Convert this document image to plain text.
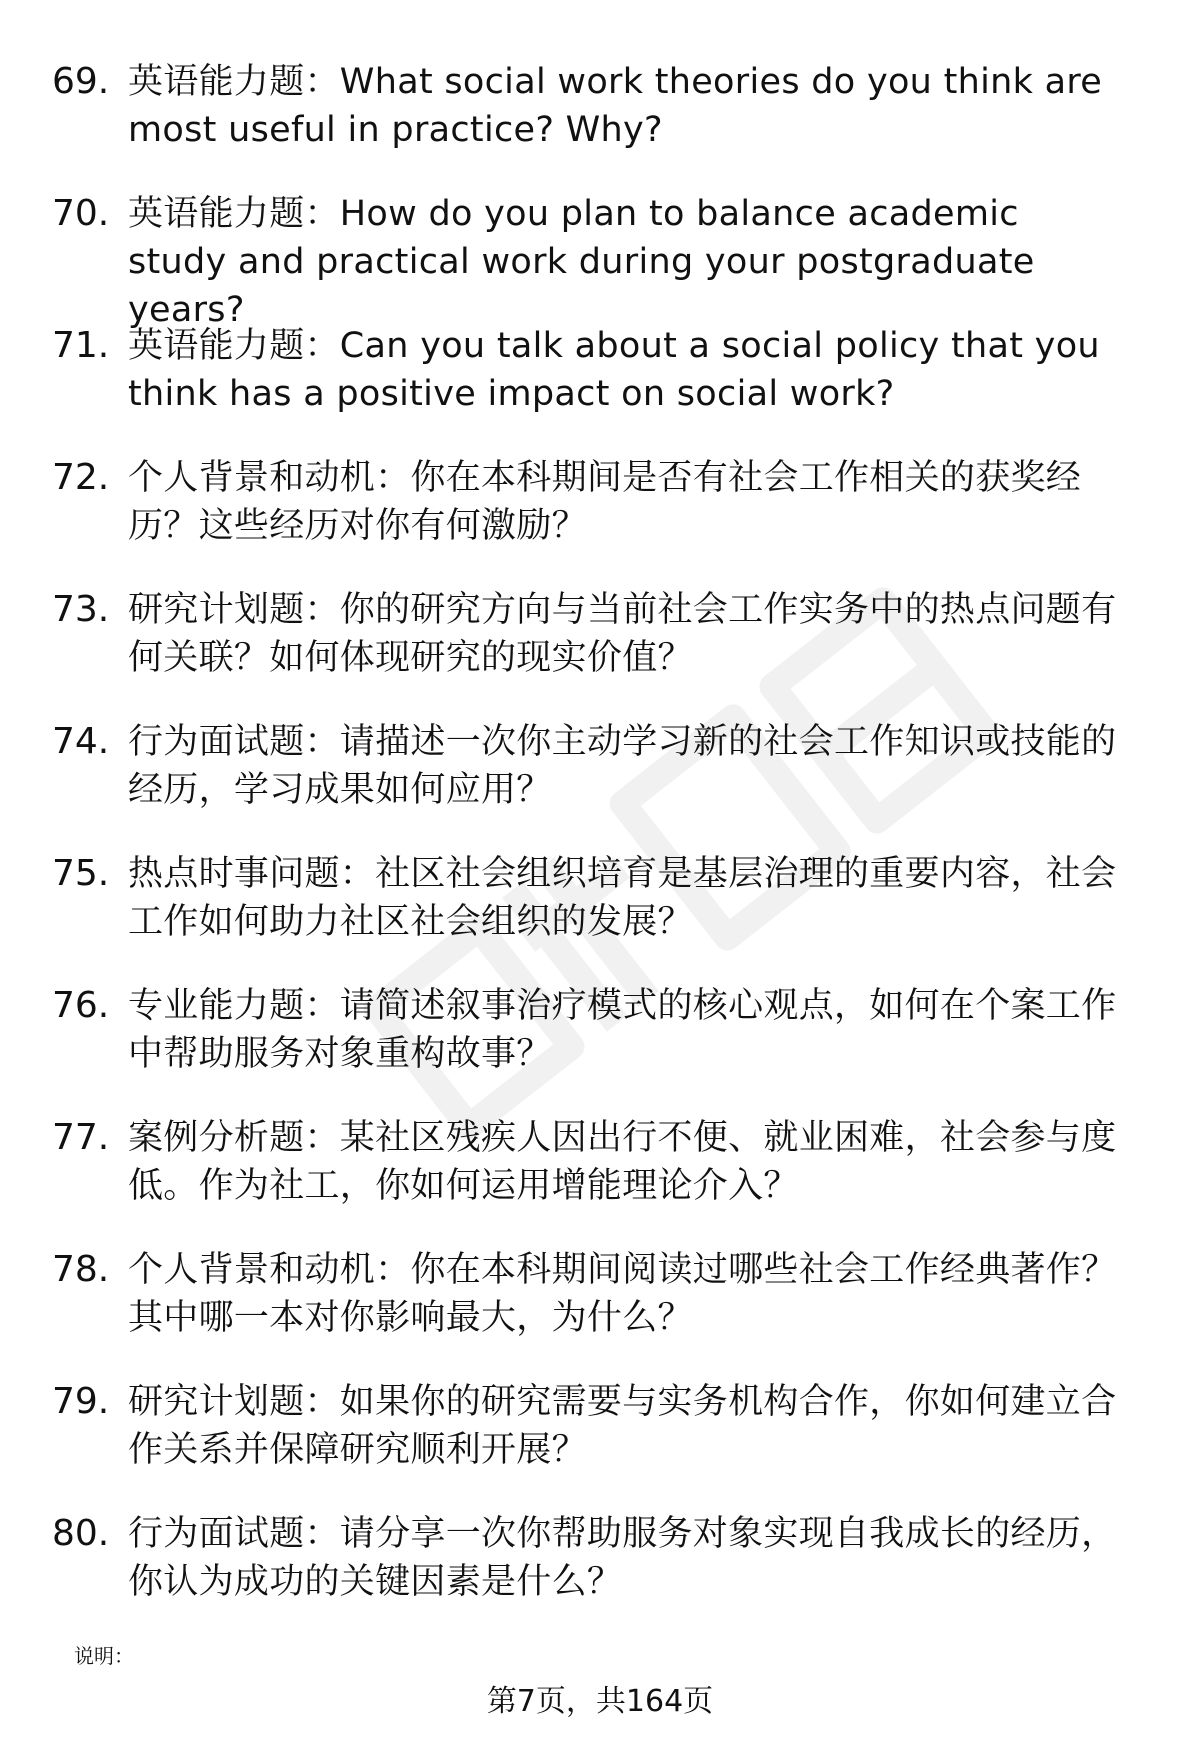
69. 英语能力题：What social work theories do you think are most useful in practice? Why?
70. 英语能力题：How do you plan to balance academic study and practical work during your postgraduate years?
71. 英语能力题：Can you talk about a social policy that you think has a positive impact on social work?
72. 个人背景和动机：你在本科期间是否有社会工作相关的获奖经历？这些经历对你有何激励？
73. 研究计划题：你的研究方向与当前社会工作实务中的热点问题有何关联？如何体现研究的现实价值？
74. 行为面试题：请描述一次你主动学习新的社会工作知识或技能的经历，学习成果如何应用？
75. 热点时事问题：社区社会组织培育是基层治理的重要内容，社会工作如何助力社区社会组织的发展？
76. 专业能力题：请简述叙事治疗模式的核心观点，如何在个案工作中帮助服务对象重构故事？
77. 案例分析题：某社区残疾人因出行不便、就业困难，社会参与度低。作为社工，你如何运用增能理论介入？
78. 个人背景和动机：你在本科期间阅读过哪些社会工作经典著作？其中哪一本对你影响最大，为什么？
79. 研究计划题：如果你的研究需要与实务机构合作，你如何建立合作关系并保障研究顺利开展？
80. 行为面试题：请分享一次你帮助服务对象实现自我成长的经历，你认为成功的关键因素是什么？
说明：
第7页，共164页
